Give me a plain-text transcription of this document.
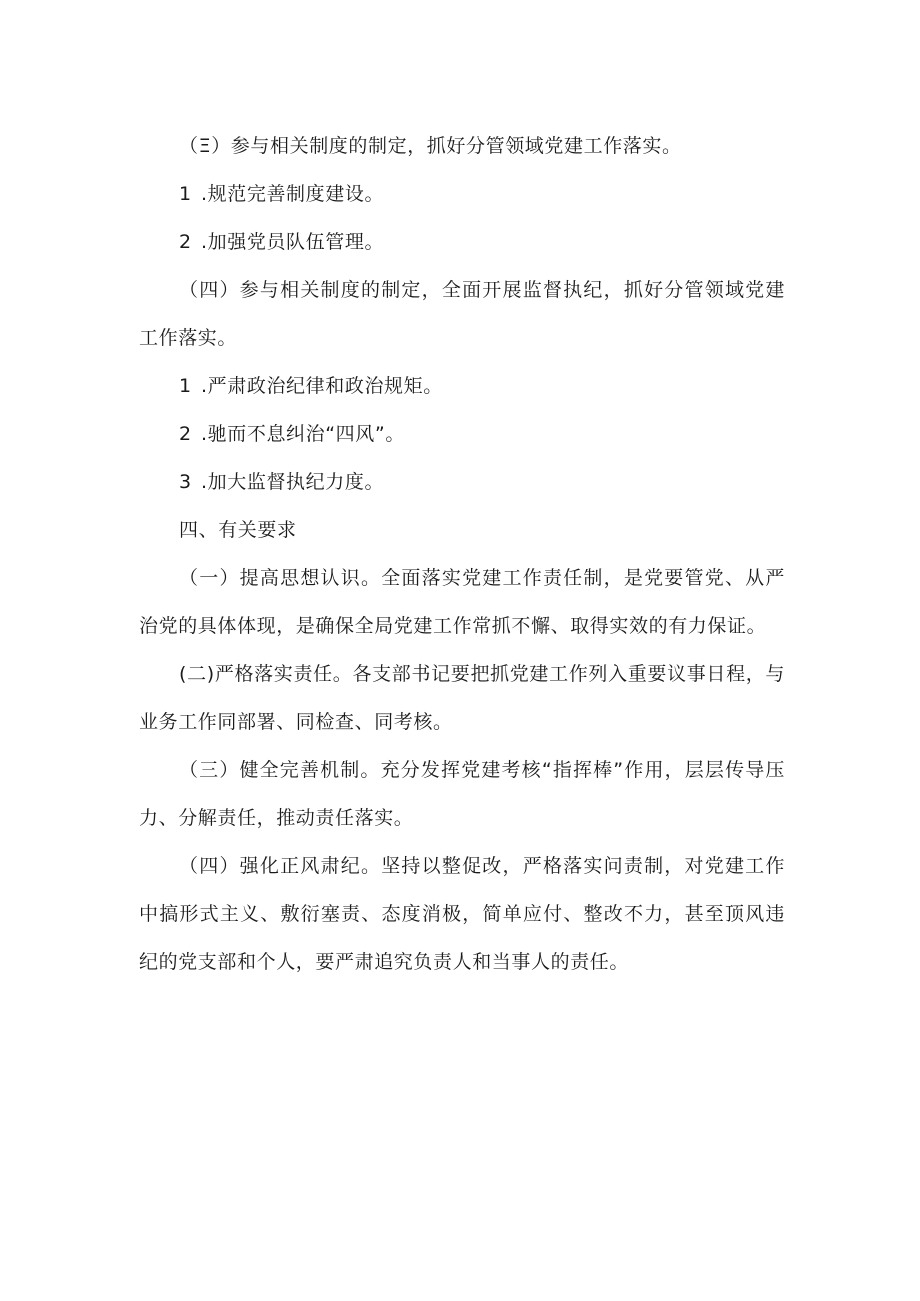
（Ξ）参与相关制度的制定，抓好分管领域党建工作落实。

1 .规范完善制度建设。

2 .加强党员队伍管理。

（四）参与相关制度的制定，全面开展监督执纪，抓好分管领域党建工作落实。

1 .严肃政治纪律和政治规矩。

2 .驰而不息纠治“四风”。

3 .加大监督执纪力度。

四、有关要求

（一）提高思想认识。全面落实党建工作责任制，是党要管党、从严治党的具体体现，是确保全局党建工作常抓不懈、取得实效的有力保证。

(二)严格落实责任。各支部书记要把抓党建工作列入重要议事日程，与业务工作同部署、同检查、同考核。

（三）健全完善机制。充分发挥党建考核“指挥棒”作用，层层传导压力、分解责任，推动责任落实。

（四）强化正风肃纪。坚持以整促改，严格落实问责制，对党建工作中搞形式主义、敷衍塞责、态度消极，简单应付、整改不力，甚至顶风违纪的党支部和个人，要严肃追究负责人和当事人的责任。
